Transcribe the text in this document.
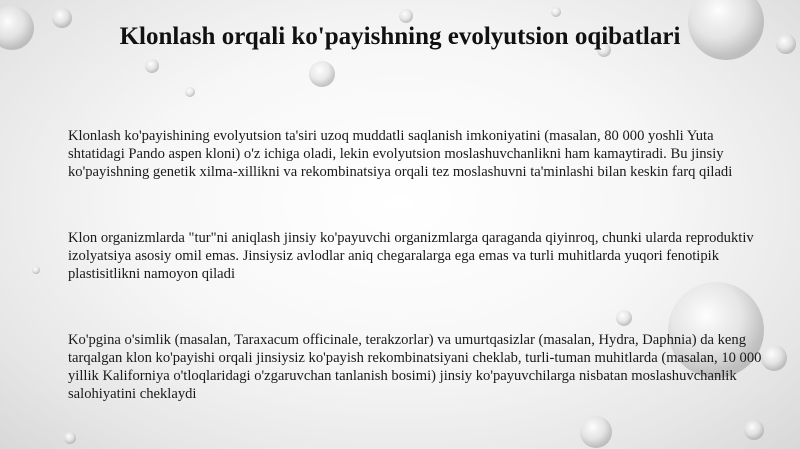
Klonlash orqali ko'payishning evolyutsion oqibatlari

Klonlash ko'payishining evolyutsion ta'siri uzoq muddatli saqlanish imkoniyatini (masalan, 80 000 yoshli Yuta shtatidagi Pando aspen kloni) o'z ichiga oladi, lekin evolyutsion moslashuvchanlikni ham kamaytiradi. Bu jinsiy ko'payishning genetik xilma-xillikni va rekombinatsiya orqali tez moslashuvni ta'minlashi bilan keskin farq qiladi

Klon organizmlarda "tur"ni aniqlash jinsiy ko'payuvchi organizmlarga qaraganda qiyinroq, chunki ularda reproduktiv izolyatsiya asosiy omil emas. Jinsiysiz avlodlar aniq chegaralarga ega emas va turli muhitlarda yuqori fenotipik plastisitlikni namoyon qiladi

Ko'pgina o'simlik (masalan, Taraxacum officinale, terakzorlar) va umurtqasizlar (masalan, Hydra, Daphnia) da keng tarqalgan klon ko'payishi orqali jinsiysiz ko'payish rekombinatsiyani cheklab, turli-tuman muhitlarda (masalan, 10 000 yillik Kaliforniya o'tloqlaridagi o'zgaruvchan tanlanish bosimi) jinsiy ko'payuvchilarga nisbatan moslashuvchanlik salohiyatini cheklaydi
